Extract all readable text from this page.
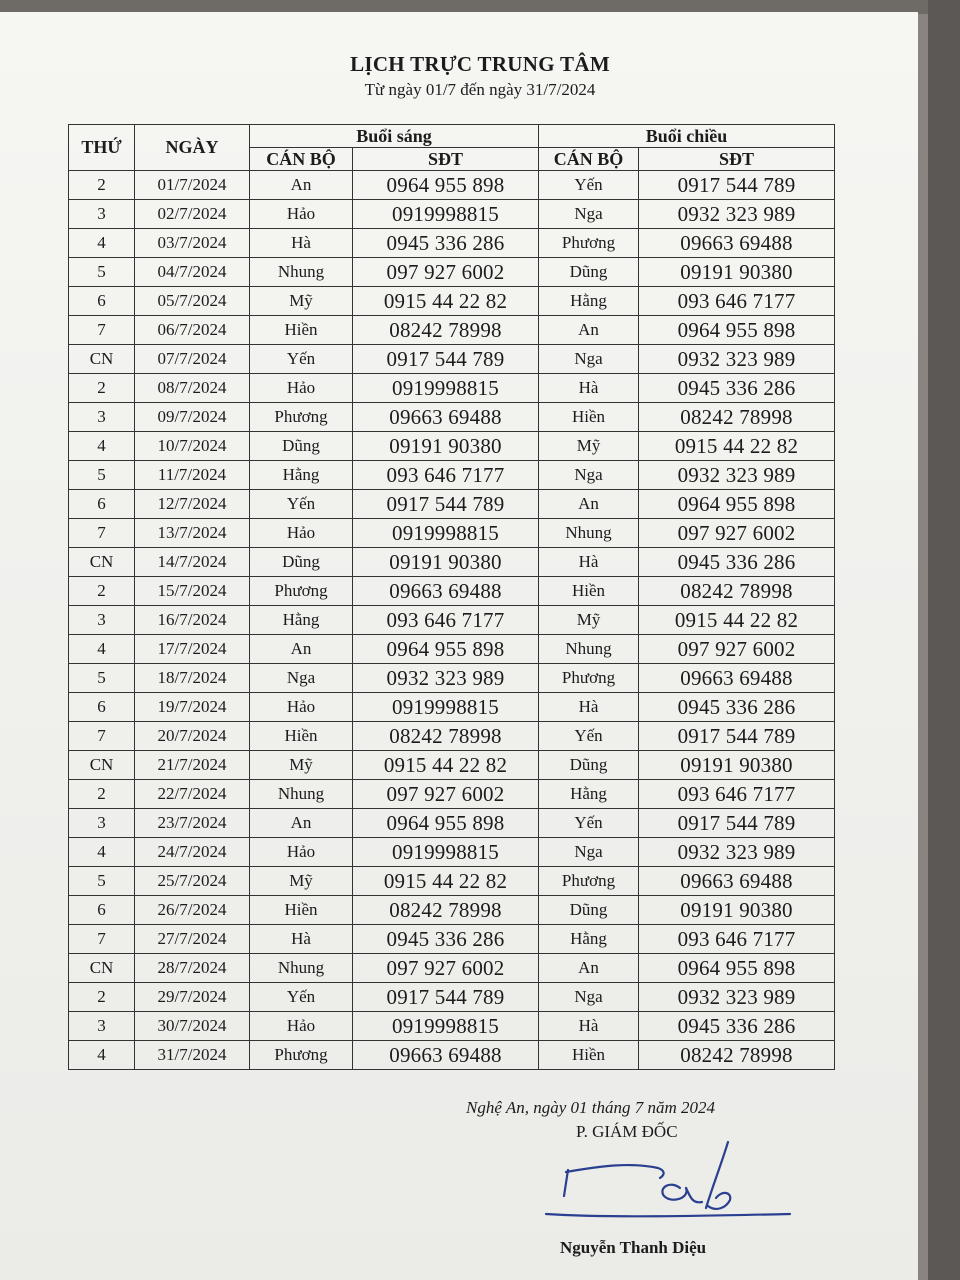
LỊCH TRỰC TRUNG TÂM
Từ ngày 01/7 đến ngày 31/7/2024
THỨ	NGÀY	Buổi sáng		Buổi chiều	
		CÁN BỘ	SĐT	CÁN BỘ	SĐT
2	01/7/2024	An	0964 955 898	Yến	0917 544 789
3	02/7/2024	Hảo	0919998815	Nga	0932 323 989
4	03/7/2024	Hà	0945 336 286	Phương	09663 69488
5	04/7/2024	Nhung	097 927 6002	Dũng	09191 90380
6	05/7/2024	Mỹ	0915 44 22 82	Hằng	093 646 7177
7	06/7/2024	Hiền	08242 78998	An	0964 955 898
CN	07/7/2024	Yến	0917 544 789	Nga	0932 323 989
2	08/7/2024	Hảo	0919998815	Hà	0945 336 286
3	09/7/2024	Phương	09663 69488	Hiền	08242 78998
4	10/7/2024	Dũng	09191 90380	Mỹ	0915 44 22 82
5	11/7/2024	Hằng	093 646 7177	Nga	0932 323 989
6	12/7/2024	Yến	0917 544 789	An	0964 955 898
7	13/7/2024	Hảo	0919998815	Nhung	097 927 6002
CN	14/7/2024	Dũng	09191 90380	Hà	0945 336 286
2	15/7/2024	Phương	09663 69488	Hiền	08242 78998
3	16/7/2024	Hằng	093 646 7177	Mỹ	0915 44 22 82
4	17/7/2024	An	0964 955 898	Nhung	097 927 6002
5	18/7/2024	Nga	0932 323 989	Phương	09663 69488
6	19/7/2024	Hảo	0919998815	Hà	0945 336 286
7	20/7/2024	Hiền	08242 78998	Yến	0917 544 789
CN	21/7/2024	Mỹ	0915 44 22 82	Dũng	09191 90380
2	22/7/2024	Nhung	097 927 6002	Hằng	093 646 7177
3	23/7/2024	An	0964 955 898	Yến	0917 544 789
4	24/7/2024	Hảo	0919998815	Nga	0932 323 989
5	25/7/2024	Mỹ	0915 44 22 82	Phương	09663 69488
6	26/7/2024	Hiền	08242 78998	Dũng	09191 90380
7	27/7/2024	Hà	0945 336 286	Hằng	093 646 7177
CN	28/7/2024	Nhung	097 927 6002	An	0964 955 898
2	29/7/2024	Yến	0917 544 789	Nga	0932 323 989
3	30/7/2024	Hảo	0919998815	Hà	0945 336 286
4	31/7/2024	Phương	09663 69488	Hiền	08242 78998
Nghệ An, ngày 01 tháng 7 năm 2024
P. GIÁM ĐỐC
Nguyễn Thanh Diệu
